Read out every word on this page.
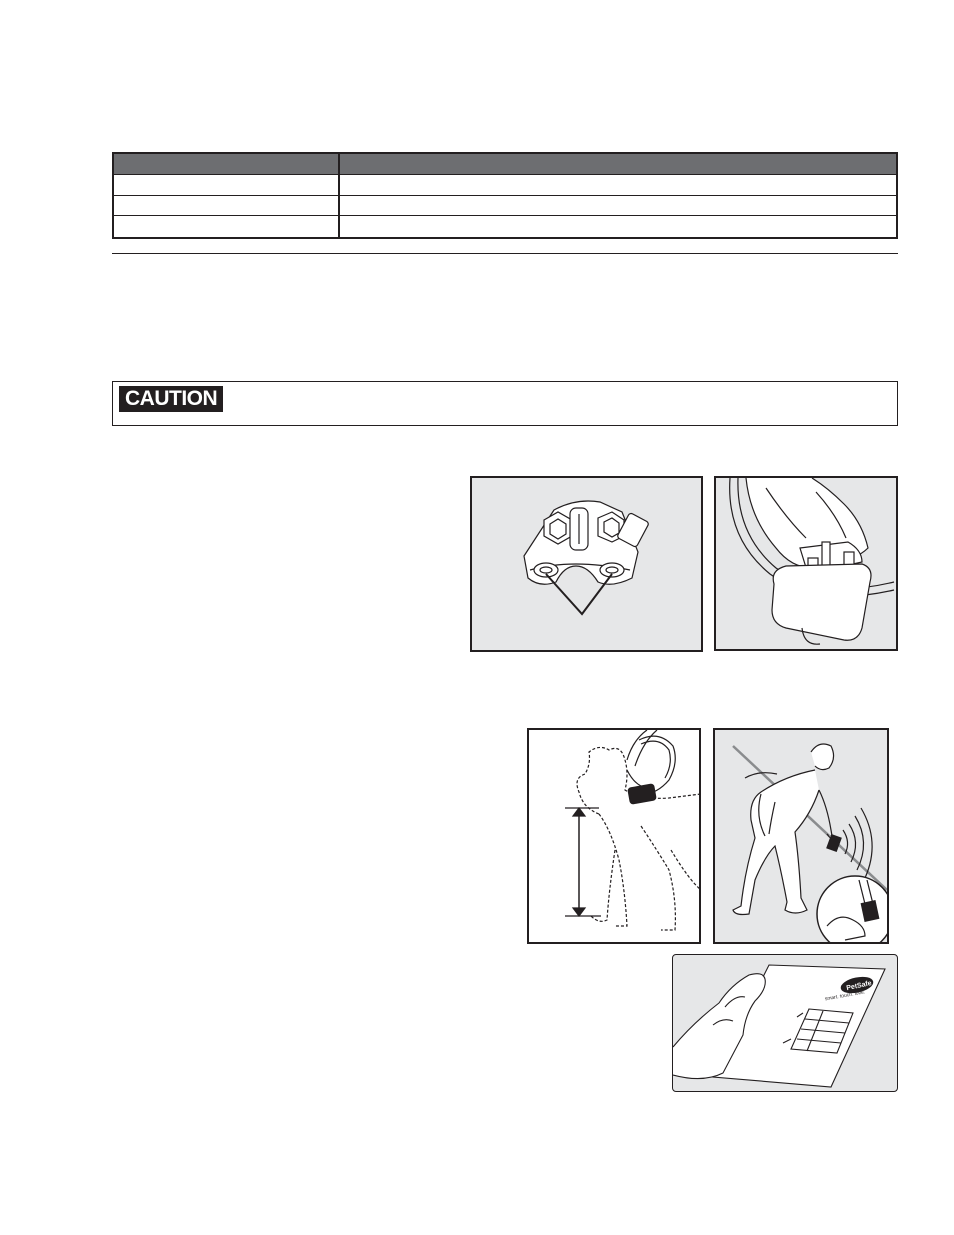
CAUTION
PetSafe
smart. touch. love.
